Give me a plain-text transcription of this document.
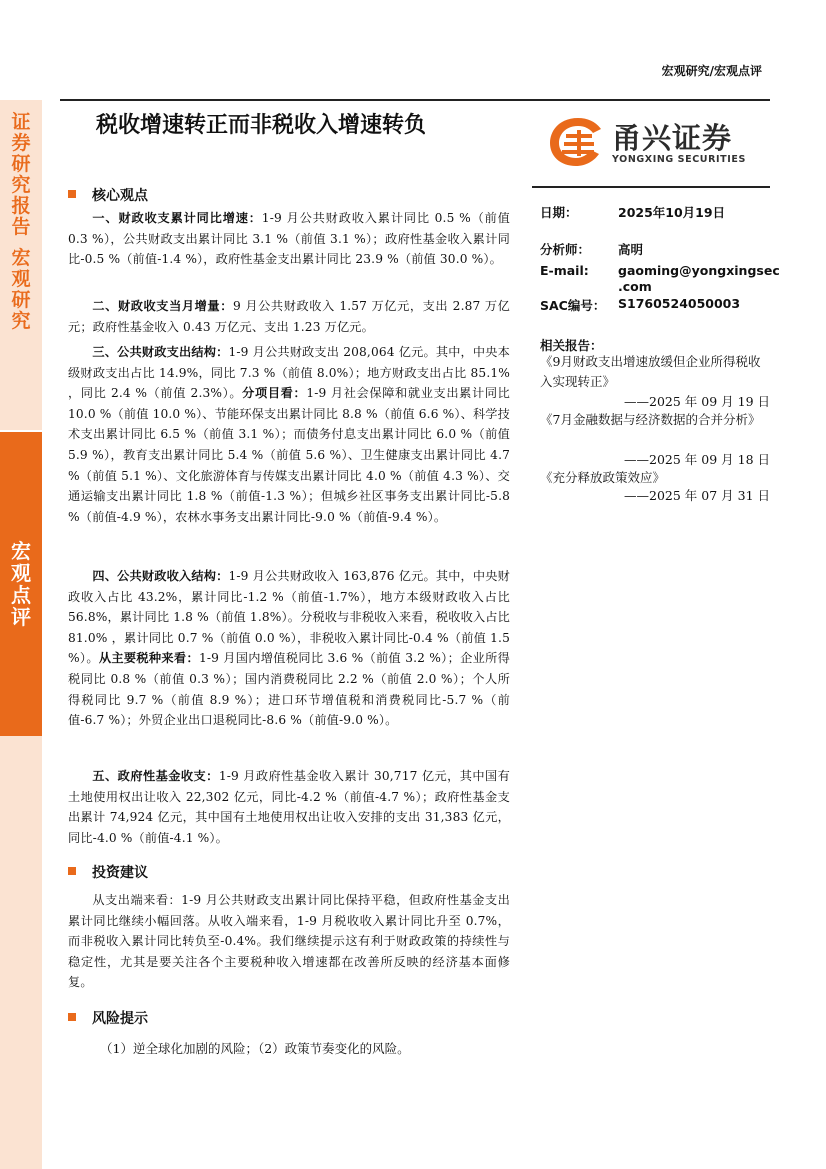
证
券
研
究
报
告
宏
观
研
究
宏
观
点
评
宏观研究/宏观点评
税收增速转正而非税收入增速转负	甬兴证券
YONGXING SECURITIES
日期：	2025年10月19日
分析师： 高明
E-mail: gaoming@yongxingsec
.com
SAC编号： S1760524050003
相关报告：
《9月财政支出增速放缓但企业所得税收入实现转正》
——2025 年 09 月 19 日
《7月金融数据与经济数据的合并分析》
——2025 年 09 月 18 日
《充分释放政策效应》
——2025 年 07 月 31 日
核心观点
一、财政收支累计同比增速：1-9 月公共财政收入累计同比 0.5 %（前值 0.3 %），公共财政支出累计同比 3.1 %（前值 3.1 %）；政府性基金收入累计同比-0.5 %（前值-1.4 %），政府性基金支出累计同比 23.9 %（前值 30.0 %）。
二、财政收支当月增量：9 月公共财政收入 1.57 万亿元，支出 2.87 万亿元；政府性基金收入 0.43 万亿元、支出 1.23 万亿元。
三、公共财政支出结构：1-9 月公共财政支出 208,064 亿元。其中，中央本级财政支出占比 14.9%，同比 7.3 %（前值 8.0%）；地方财政支出占比 85.1% ，同比 2.4 %（前值 2.3%）。分项目看：1-9 月社会保障和就业支出累计同比 10.0 %（前值 10.0 %）、节能环保支出累计同比 8.8 %（前值 6.6 %）、科学技术支出累计同比 6.5 %（前值 3.1 %）；而债务付息支出累计同比 6.0 %（前值 5.9 %），教育支出累计同比 5.4 %（前值 5.6 %）、卫生健康支出累计同比 4.7 %（前值 5.1 %）、文化旅游体育与传媒支出累计同比 4.0 %（前值 4.3 %）、交通运输支出累计同比 1.8 %（前值-1.3 %）；但城乡社区事务支出累计同比-5.8 %（前值-4.9 %），农林水事务支出累计同比-9.0 %（前值-9.4 %）。
四、公共财政收入结构：1-9 月公共财政收入 163,876 亿元。其中，中央财政收入占比 43.2%，累计同比-1.2 %（前值-1.7%），地方本级财政收入占比 56.8%，累计同比 1.8 %（前值 1.8%）。分税收与非税收入来看，税收收入占比 81.0% ，累计同比 0.7 %（前值 0.0 %），非税收入累计同比-0.4 %（前值 1.5 %）。从主要税种来看：1-9 月国内增值税同比 3.6 %（前值 3.2 %）；企业所得税同比 0.8 %（前值 0.3 %）；国内消费税同比 2.2 %（前值 2.0 %）；个人所得税同比 9.7 %（前值 8.9 %）；进口环节增值税和消费税同比-5.7 %（前值-6.7 %）；外贸企业出口退税同比-8.6 %（前值-9.0 %）。
五、政府性基金收支：1-9 月政府性基金收入累计 30,717 亿元，其中国有土地使用权出让收入 22,302 亿元，同比-4.2 %（前值-4.7 %）；政府性基金支出累计 74,924 亿元，其中国有土地使用权出让收入安排的支出 31,383 亿元，同比-4.0 %（前值-4.1 %）。
投资建议
从支出端来看：1-9 月公共财政支出累计同比保持平稳，但政府性基金支出累计同比继续小幅回落。从收入端来看，1-9 月税收收入累计同比升至 0.7%，而非税收入累计同比转负至-0.4%。我们继续提示这有利于财政政策的持续性与稳定性，尤其是要关注各个主要税种收入增速都在改善所反映的经济基本面修复。
风险提示
（1）逆全球化加剧的风险；（2）政策节奏变化的风险。
